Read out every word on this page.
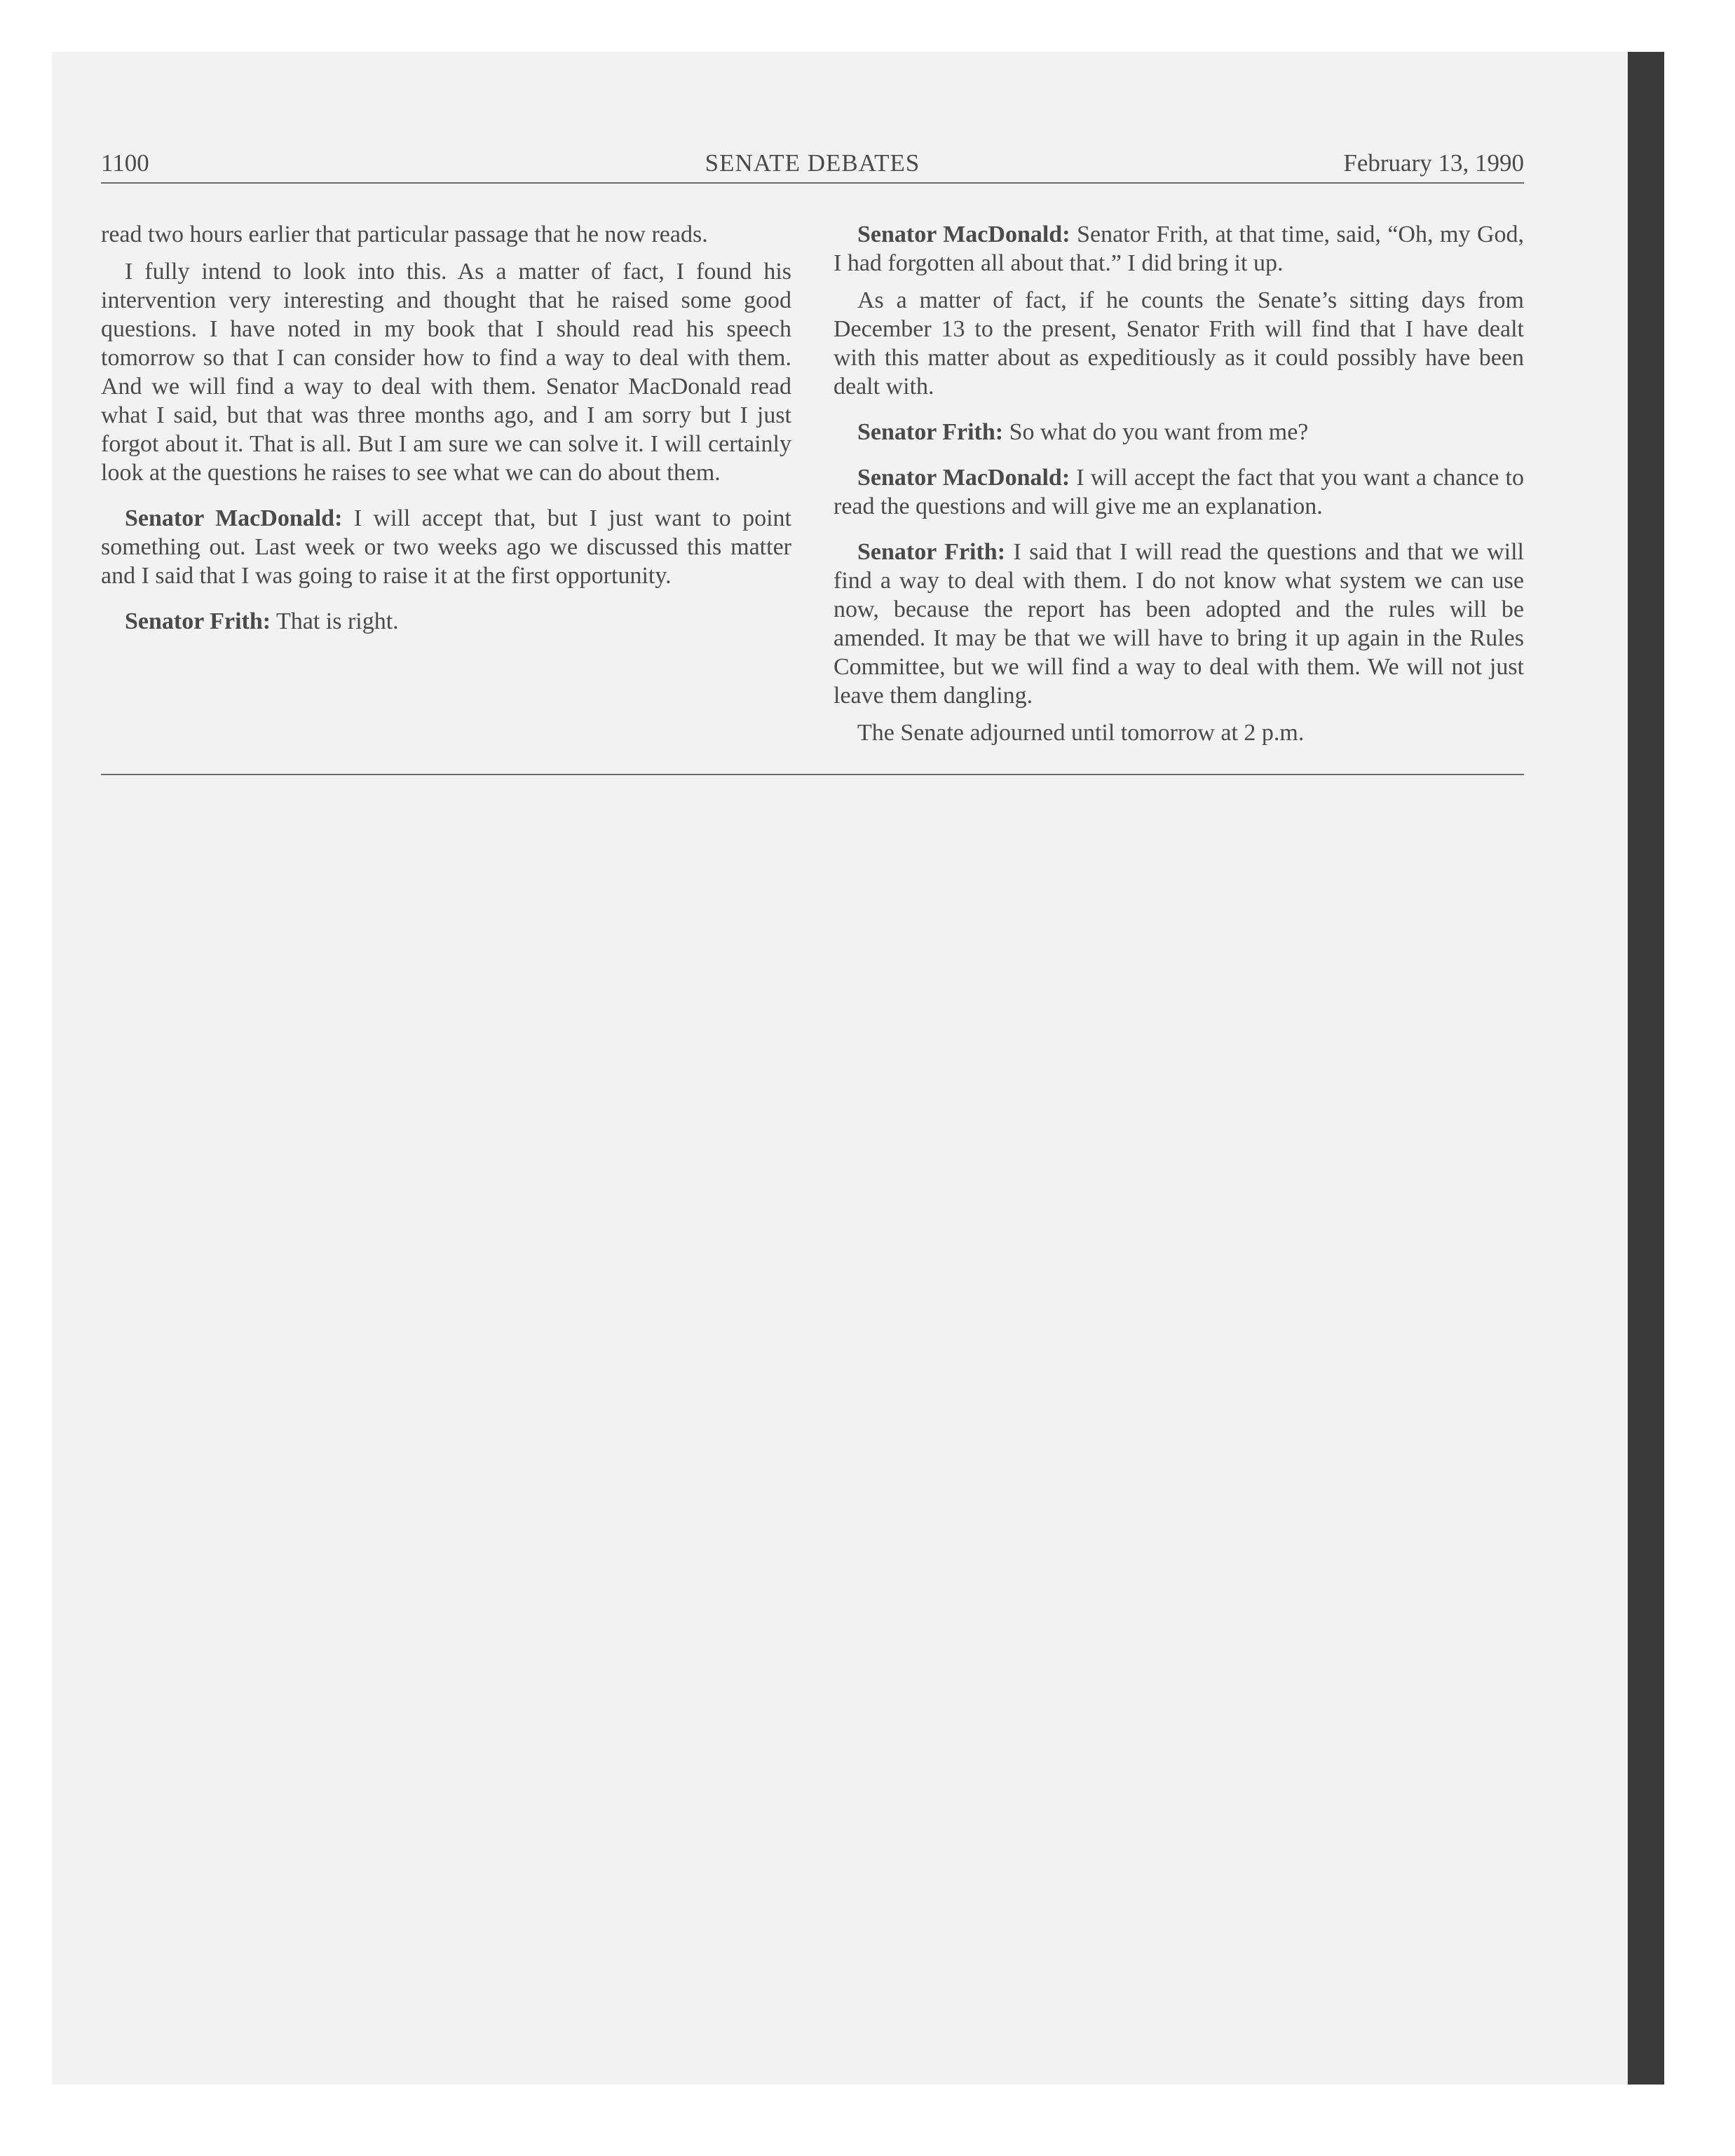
1100	SENATE DEBATES	February 13, 1990

read two hours earlier that particular passage that he now reads.

I fully intend to look into this. As a matter of fact, I found his intervention very interesting and thought that he raised some good questions. I have noted in my book that I should read his speech tomorrow so that I can consider how to find a way to deal with them. And we will find a way to deal with them. Senator MacDonald read what I said, but that was three months ago, and I am sorry but I just forgot about it. That is all. But I am sure we can solve it. I will certainly look at the questions he raises to see what we can do about them.

Senator MacDonald: I will accept that, but I just want to point something out. Last week or two weeks ago we discussed this matter and I said that I was going to raise it at the first opportunity.

Senator Frith: That is right.

Senator MacDonald: Senator Frith, at that time, said, “Oh, my God, I had forgotten all about that.” I did bring it up.

As a matter of fact, if he counts the Senate’s sitting days from December 13 to the present, Senator Frith will find that I have dealt with this matter about as expeditiously as it could possibly have been dealt with.

Senator Frith: So what do you want from me?

Senator MacDonald: I will accept the fact that you want a chance to read the questions and will give me an explanation.

Senator Frith: I said that I will read the questions and that we will find a way to deal with them. I do not know what system we can use now, because the report has been adopted and the rules will be amended. It may be that we will have to bring it up again in the Rules Committee, but we will find a way to deal with them. We will not just leave them dangling.

The Senate adjourned until tomorrow at 2 p.m.
